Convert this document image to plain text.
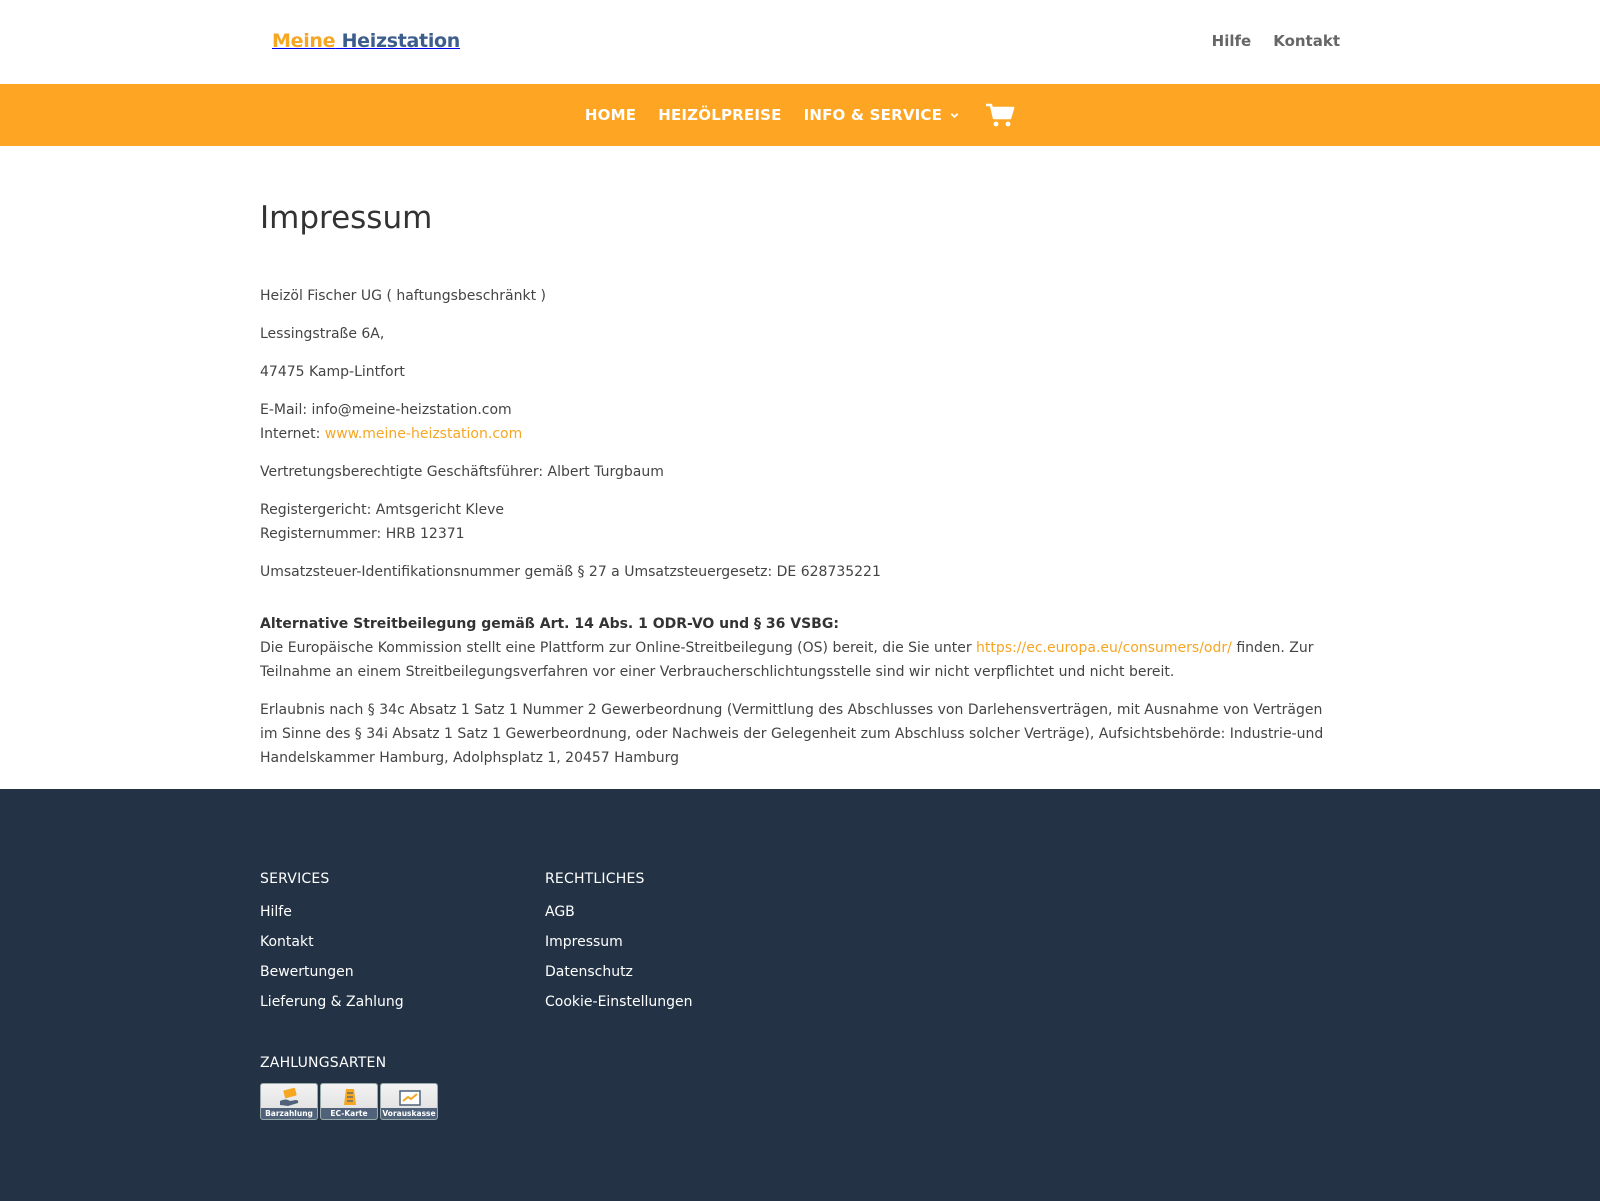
Meine Heizstation	Hilfe Kontakt
HOME HEIZÖLPREISE INFO & SERVICE
Impressum

Heizöl Fischer UG ( haftungsbeschränkt )

Lessingstraße 6A,

47475 Kamp-Lintfort

E-Mail: info@meine-heizstation.com
Internet: www.meine-heizstation.com

Vertretungsberechtigte Geschäftsführer: Albert Turgbaum

Registergericht: Amtsgericht Kleve
Registernummer: HRB 12371

Umsatzsteuer-Identifikationsnummer gemäß § 27 a Umsatzsteuergesetz: DE 628735221

Alternative Streitbeilegung gemäß Art. 14 Abs. 1 ODR-VO und § 36 VSBG:
Die Europäische Kommission stellt eine Plattform zur Online-Streitbeilegung (OS) bereit, die Sie unter https://ec.europa.eu/consumers/odr/ finden. Zur Teilnahme an einem Streitbeilegungsverfahren vor einer Verbraucherschlichtungsstelle sind wir nicht verpflichtet und nicht bereit.

Erlaubnis nach § 34c Absatz 1 Satz 1 Nummer 2 Gewerbeordnung (Vermittlung des Abschlusses von Darlehensverträgen, mit Ausnahme von Verträgen im Sinne des § 34i Absatz 1 Satz 1 Gewerbeordnung, oder Nachweis der Gelegenheit zum Abschluss solcher Verträge), Aufsichtsbehörde: Industrie-und Handelskammer Hamburg, Adolphsplatz 1, 20457 Hamburg

SERVICES
Hilfe
Kontakt
Bewertungen
Lieferung & Zahlung
RECHTLICHES
AGB
Impressum
Datenschutz
Cookie-Einstellungen
ZAHLUNGSARTEN
Barzahlung	EC-Karte	Vorauskasse
